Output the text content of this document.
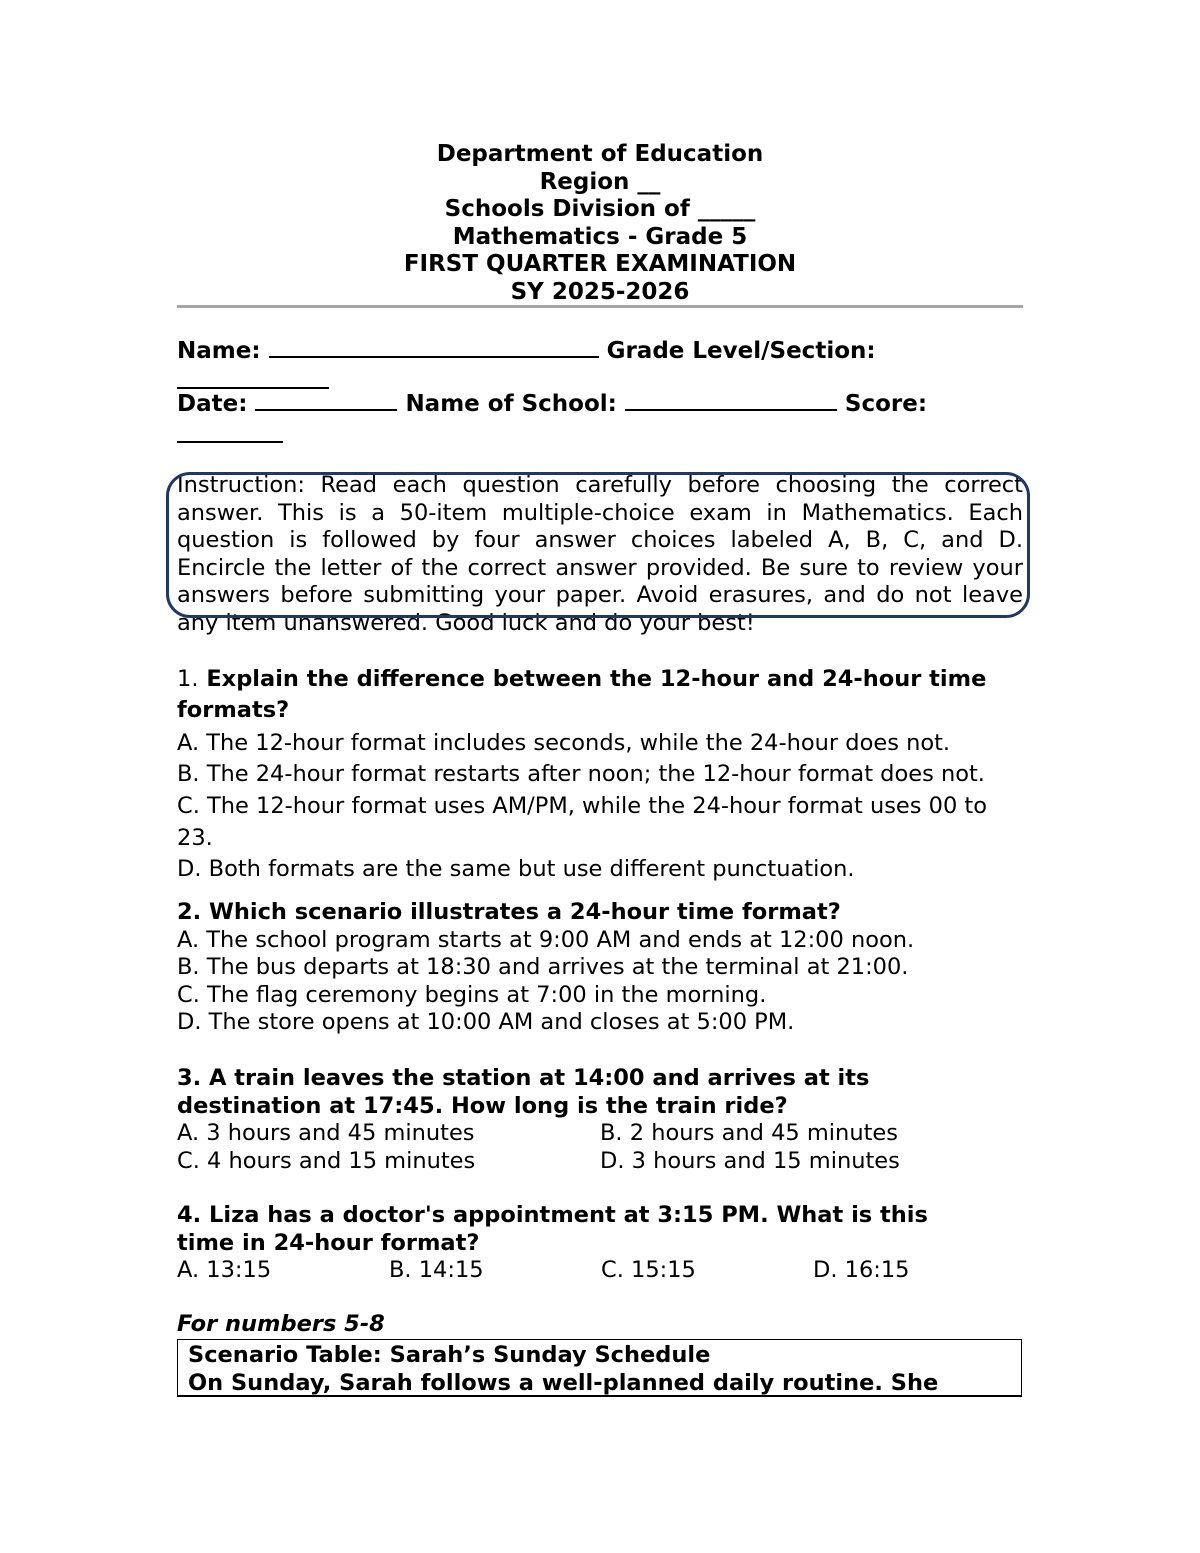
Department of Education
Region __
Schools Division of _____
Mathematics - Grade 5
FIRST QUARTER EXAMINATION
SY 2025-2026
Name:	Grade Level/Section:
Date:	Name of School:	Score:
Instruction: Read each question carefully before choosing the correct answer. This is a 50-item multiple-choice exam in Mathematics. Each question is followed by four answer choices labeled A, B, C, and D. Encircle the letter of the correct answer provided. Be sure to review your answers before submitting your paper. Avoid erasures, and do not leave any item unanswered. Good luck and do your best!
1. Explain the difference between the 12-hour and 24-hour time formats?
A. The 12-hour format includes seconds, while the 24-hour does not.
B. The 24-hour format restarts after noon; the 12-hour format does not.
C. The 12-hour format uses AM/PM, while the 24-hour format uses 00 to 23.
D. Both formats are the same but use different punctuation.
2. Which scenario illustrates a 24-hour time format?
A. The school program starts at 9:00 AM and ends at 12:00 noon.
B. The bus departs at 18:30 and arrives at the terminal at 21:00.
C. The flag ceremony begins at 7:00 in the morning.
D. The store opens at 10:00 AM and closes at 5:00 PM.
3. A train leaves the station at 14:00 and arrives at its destination at 17:45. How long is the train ride?
A. 3 hours and 45 minutes	B. 2 hours and 45 minutes
C. 4 hours and 15 minutes	D. 3 hours and 15 minutes
4. Liza has a doctor's appointment at 3:15 PM. What is this time in 24-hour format?
A. 13:15	B. 14:15	C. 15:15	D. 16:15
For numbers 5-8
Scenario Table: Sarah’s Sunday Schedule
On Sunday, Sarah follows a well-planned daily routine. She
